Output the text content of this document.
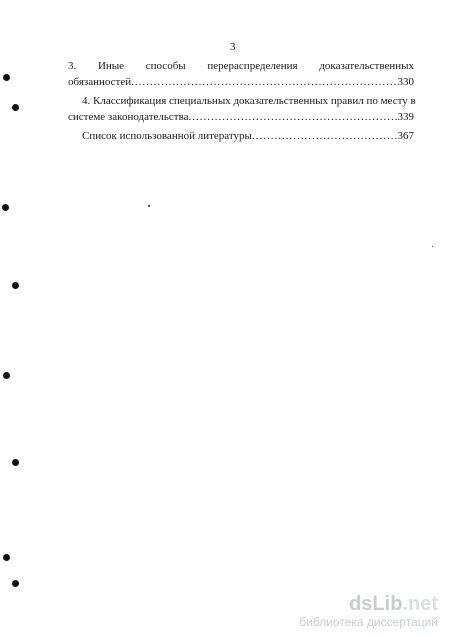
3
3. Иные способы перераспределения доказательственных
обязанностей .....	330
4. Классификация специальных доказательственных правил по месту в
системе законодательства .....	339
Список использованной литературы .....	367
dsLib.net
библиотека диссертаций
